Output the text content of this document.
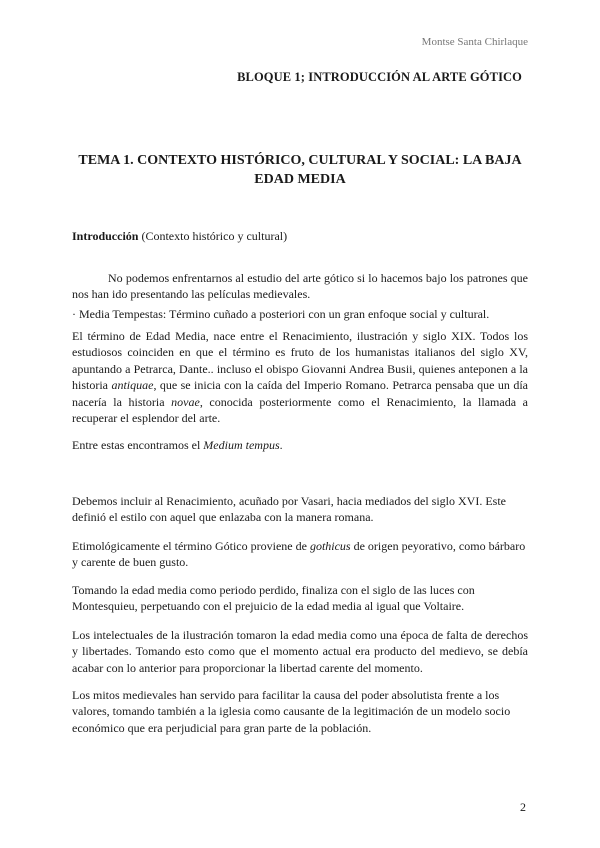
Montse Santa Chirlaque
BLOQUE 1; INTRODUCCIÓN AL ARTE GÓTICO
TEMA 1. CONTEXTO HISTÓRICO, CULTURAL Y SOCIAL: LA BAJA
EDAD MEDIA
Introducción (Contexto histórico y cultural)

No podemos enfrentarnos al estudio del arte gótico si lo hacemos bajo los patrones que nos han ido presentando las películas medievales.

· Media Tempestas: Término cuñado a posteriori con un gran enfoque social y cultural.

El término de Edad Media, nace entre el Renacimiento, ilustración y siglo XIX. Todos los estudiosos coinciden en que el término es fruto de los humanistas italianos del siglo XV, apuntando a Petrarca, Dante.. incluso el obispo Giovanni Andrea Busii, quienes anteponen a la historia antiquae, que se inicia con la caída del Imperio Romano. Petrarca pensaba que un día nacería la historia novae, conocida posteriormente como el Renacimiento, la llamada a recuperar el esplendor del arte.

Entre estas encontramos el Medium tempus.

Debemos incluir al Renacimiento, acuñado por Vasari, hacia mediados del siglo XVI. Este definió el estilo con aquel que enlazaba con la manera romana.

Etimológicamente el término Gótico proviene de gothicus de origen peyorativo, como bárbaro y carente de buen gusto.

Tomando la edad media como periodo perdido, finaliza con el siglo de las luces con Montesquieu, perpetuando con el prejuicio de la edad media al igual que Voltaire.

Los intelectuales de la ilustración tomaron la edad media como una época de falta de derechos y libertades. Tomando esto como que el momento actual era producto del medievo, se debía acabar con lo anterior para proporcionar la libertad carente del momento.

Los mitos medievales han servido para facilitar la causa del poder absolutista frente a los valores, tomando también a la iglesia como causante de la legitimación de un modelo socio económico que era perjudicial para gran parte de la población.

2
